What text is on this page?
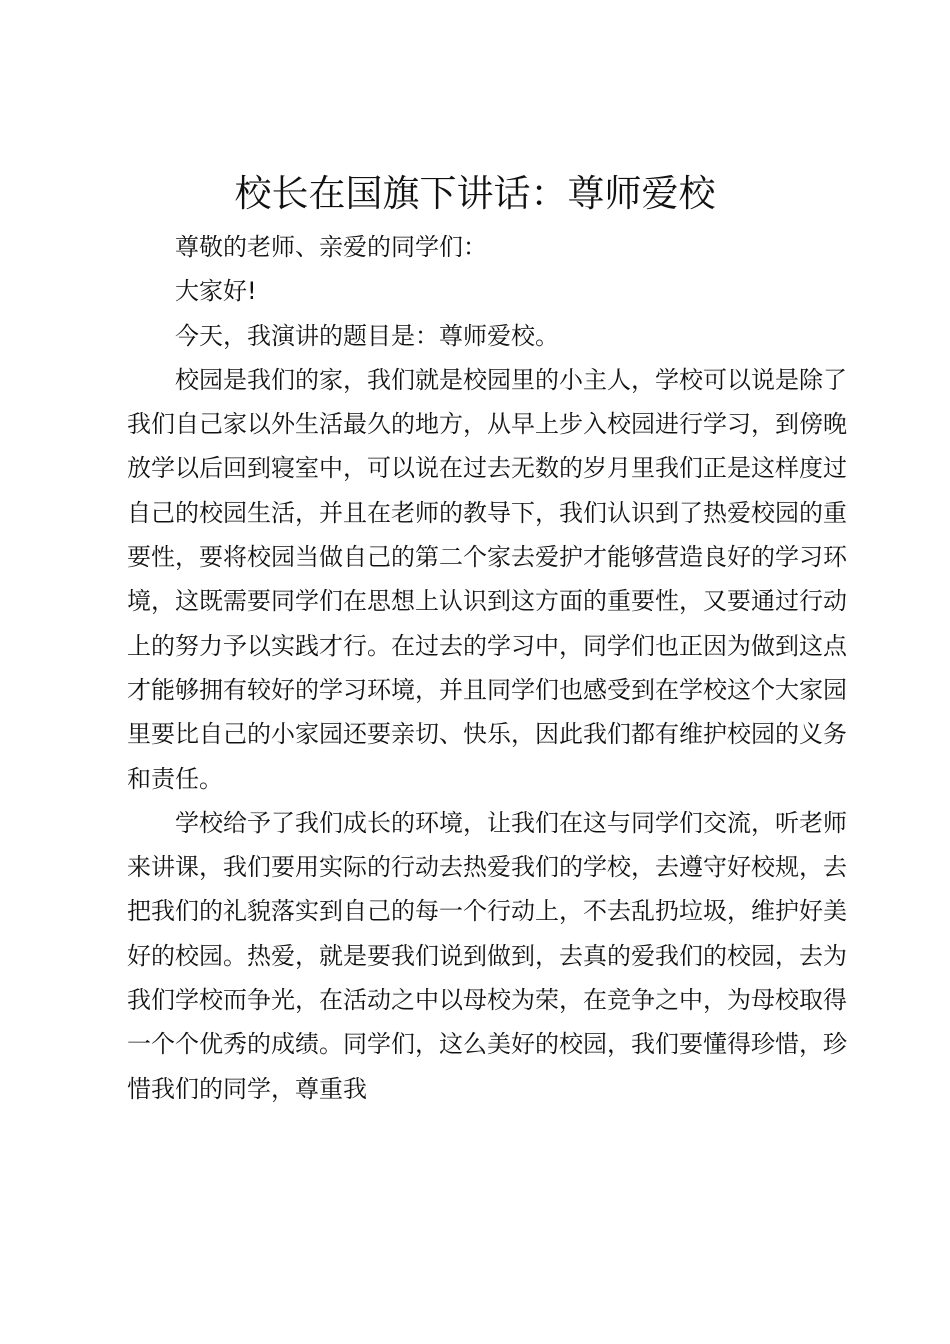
校长在国旗下讲话：尊师爱校

尊敬的老师、亲爱的同学们：

大家好!

今天，我演讲的题目是：尊师爱校。

校园是我们的家，我们就是校园里的小主人，学校可以说是除了我们自己家以外生活最久的地方，从早上步入校园进行学习，到傍晚放学以后回到寝室中，可以说在过去无数的岁月里我们正是这样度过自己的校园生活，并且在老师的教导下，我们认识到了热爱校园的重要性，要将校园当做自己的第二个家去爱护才能够营造良好的学习环境，这既需要同学们在思想上认识到这方面的重要性，又要通过行动上的努力予以实践才行。在过去的学习中，同学们也正因为做到这点才能够拥有较好的学习环境，并且同学们也感受到在学校这个大家园里要比自己的小家园还要亲切、快乐，因此我们都有维护校园的义务和责任。

学校给予了我们成长的环境，让我们在这与同学们交流，听老师来讲课，我们要用实际的行动去热爱我们的学校，去遵守好校规，去把我们的礼貌落实到自己的每一个行动上，不去乱扔垃圾，维护好美好的校园。热爱，就是要我们说到做到，去真的爱我们的校园，去为我们学校而争光，在活动之中以母校为荣，在竞争之中，为母校取得一个个优秀的成绩。同学们，这么美好的校园，我们要懂得珍惜，珍惜我们的同学，尊重我
